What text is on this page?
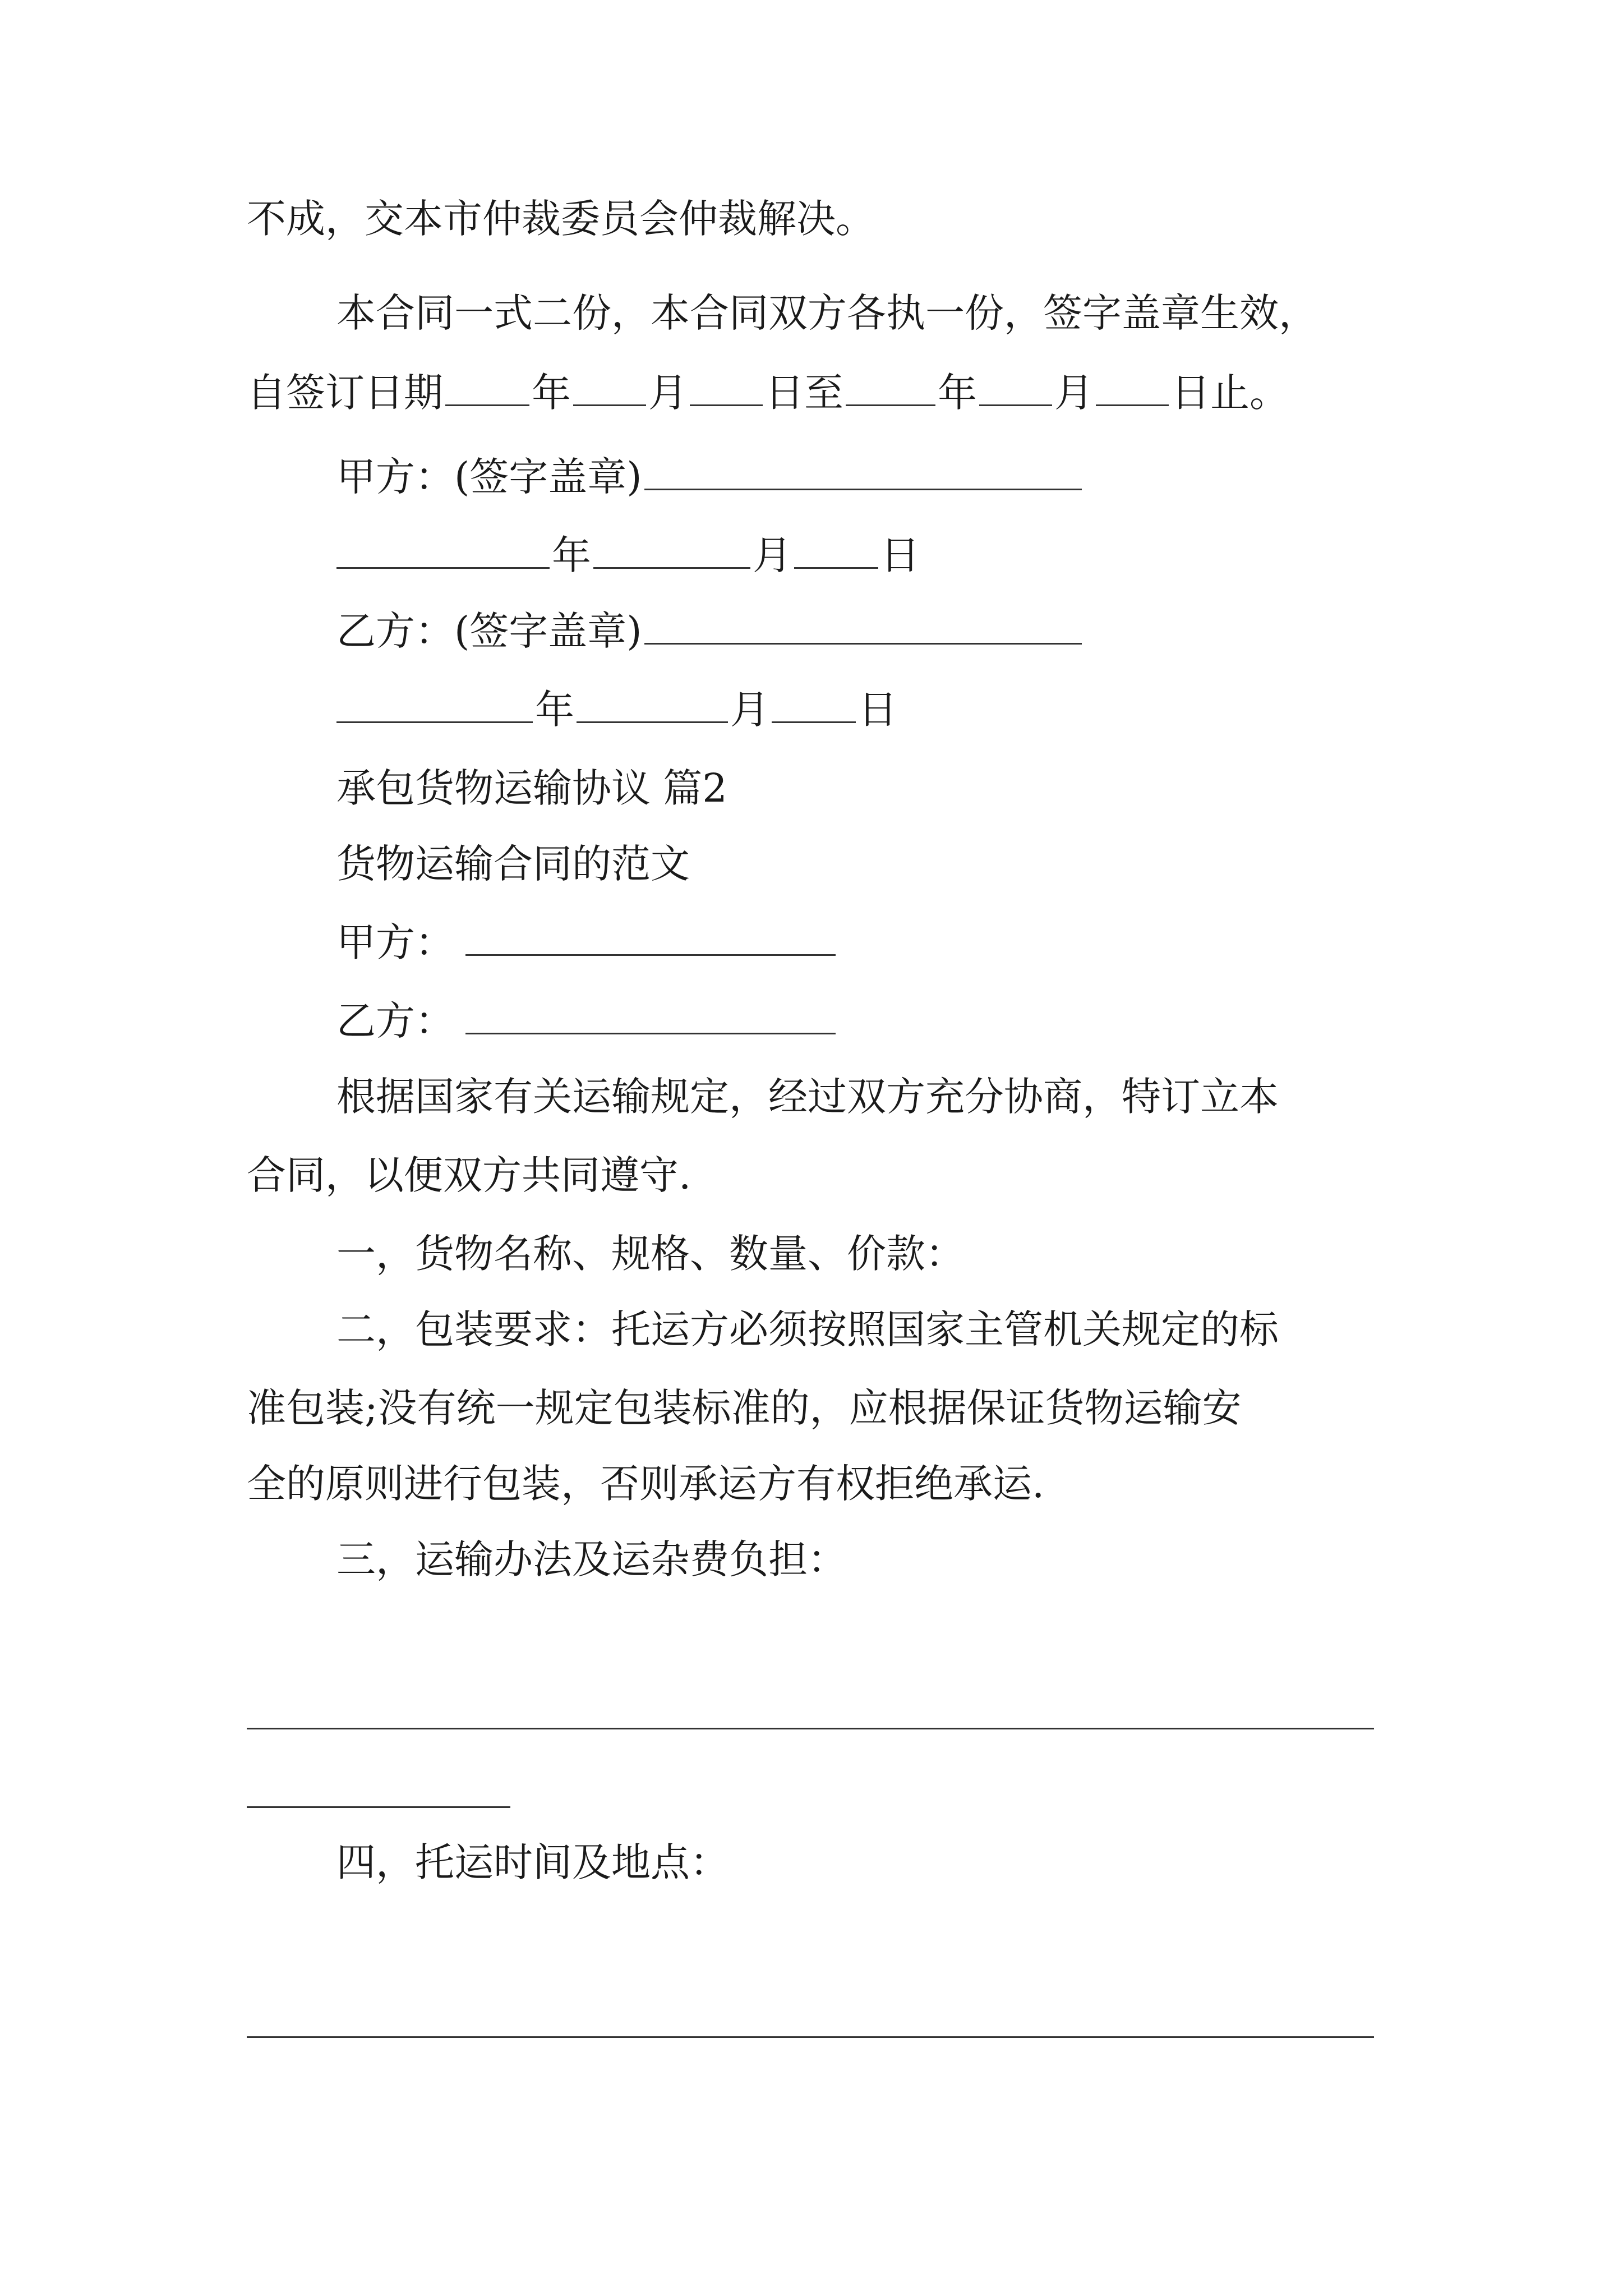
不成，交本市仲裁委员会仲裁解决。
本合同一式二份，本合同双方各执一份，签字盖章生效，
自签订日期 年 月 日至 年 月 日止。
甲方：(签字盖章)
年	月 日
乙方：(签字盖章)
年	月 日
承包货物运输协议 篇2
货物运输合同的范文
甲方：
乙方：
根据国家有关运输规定，经过双方充分协商，特订立本
合同，以便双方共同遵守.
一，货物名称、规格、数量、价款：
二，包装要求：托运方必须按照国家主管机关规定的标
准包装;没有统一规定包装标准的，应根据保证货物运输安
全的原则进行包装，否则承运方有权拒绝承运.
三，运输办法及运杂费负担：
四，托运时间及地点：
